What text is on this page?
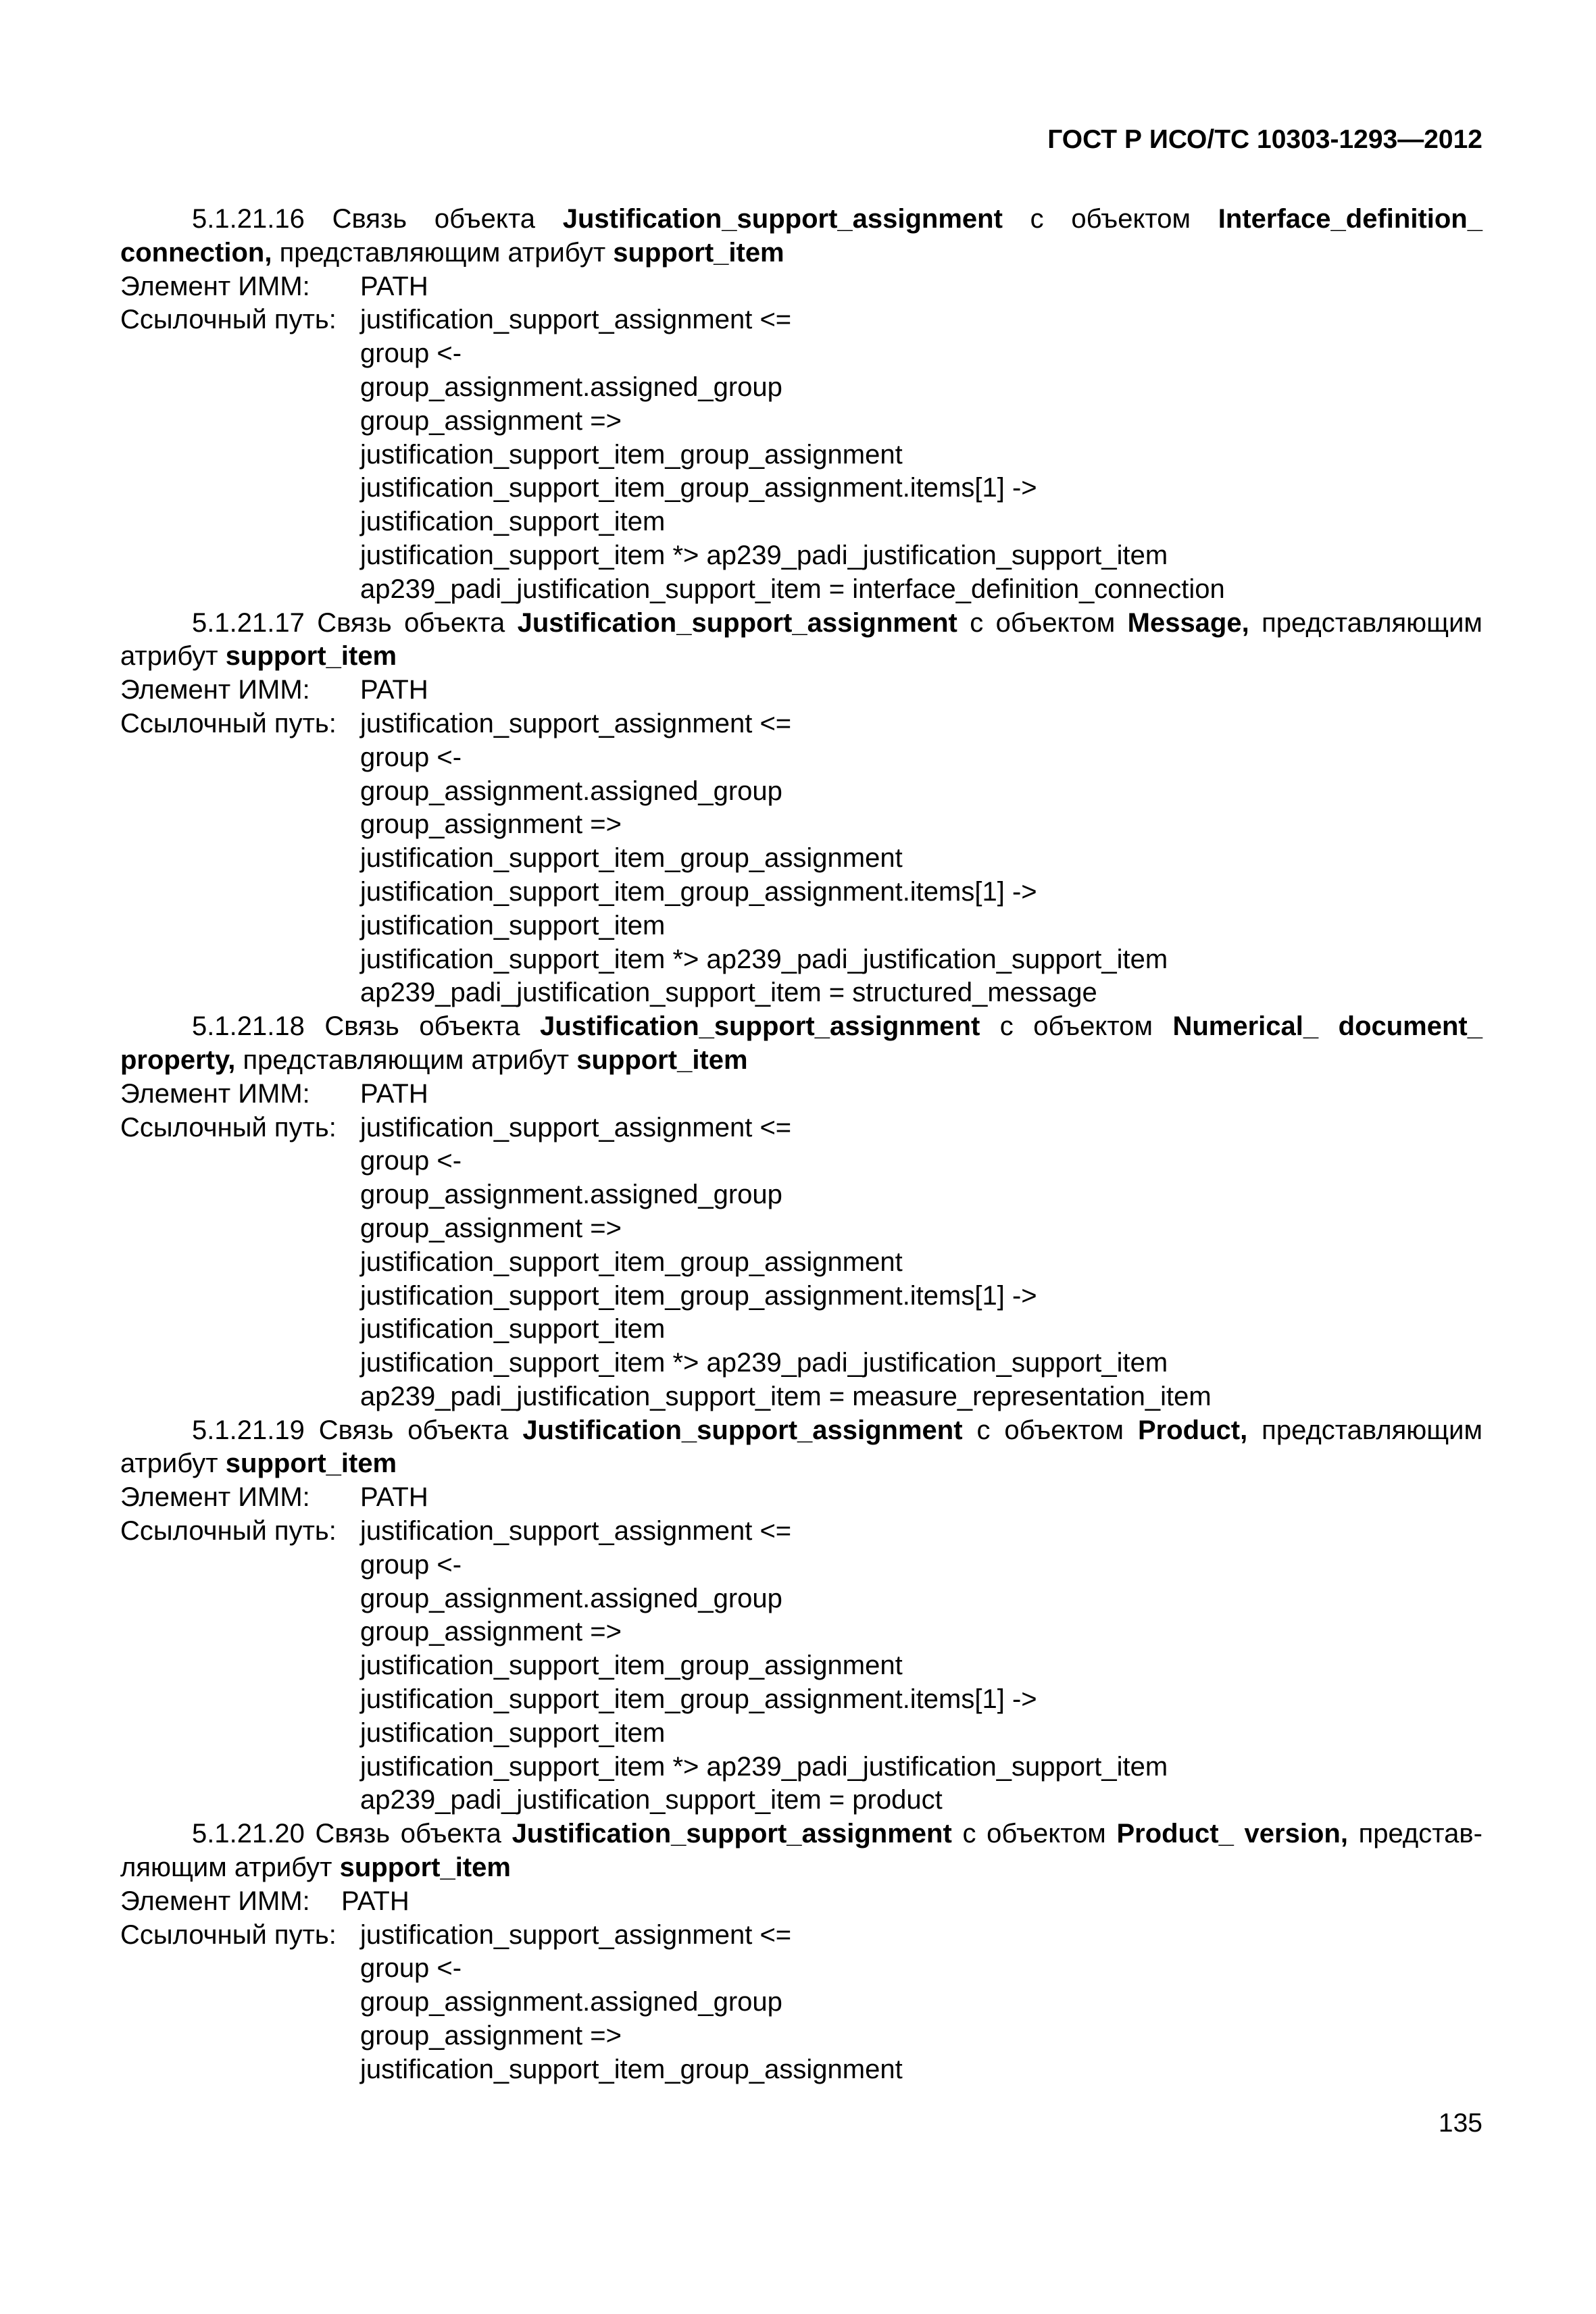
ГОСТ Р ИСО/ТС 10303-1293—2012
5.1.21.16 Связь объекта Justification_support_assignment с объектом Interface_definition_ connection, представляющим атрибут support_item
Элемент ИММ:	PATH
Ссылочный путь: justification_support_assignment <=
group <-
group_assignment.assigned_group
group_assignment =>
justification_support_item_group_assignment
justification_support_item_group_assignment.items[1] ->
justification_support_item
justification_support_item *> ap239_padi_justification_support_item
ap239_padi_justification_support_item = interface_definition_connection
5.1.21.17 Связь объекта Justification_support_assignment с объектом Message, представляющим атрибут support_item
Элемент ИММ:	PATH
Ссылочный путь: justification_support_assignment <=
group <-
group_assignment.assigned_group
group_assignment =>
justification_support_item_group_assignment
justification_support_item_group_assignment.items[1] ->
justification_support_item
justification_support_item *> ap239_padi_justification_support_item
ap239_padi_justification_support_item = structured_message
5.1.21.18 Связь объекта Justification_support_assignment с объектом Numerical_ document_ property, представляющим атрибут support_item
Элемент ИММ:	PATH
Ссылочный путь: justification_support_assignment <=
group <-
group_assignment.assigned_group
group_assignment =>
justification_support_item_group_assignment
justification_support_item_group_assignment.items[1] ->
justification_support_item
justification_support_item *> ap239_padi_justification_support_item
ap239_padi_justification_support_item = measure_representation_item
5.1.21.19 Связь объекта Justification_support_assignment с объектом Product, представляющим атрибут support_item
Элемент ИММ:	PATH
Ссылочный путь: justification_support_assignment <=
group <-
group_assignment.assigned_group
group_assignment =>
justification_support_item_group_assignment
justification_support_item_group_assignment.items[1] ->
justification_support_item
justification_support_item *> ap239_padi_justification_support_item
ap239_padi_justification_support_item = product
5.1.21.20 Связь объекта Justification_support_assignment с объектом Product_ version, представляющим атрибут support_item
Элемент ИММ:	PATH
Ссылочный путь: justification_support_assignment <=
group <-
group_assignment.assigned_group
group_assignment =>
justification_support_item_group_assignment
135
